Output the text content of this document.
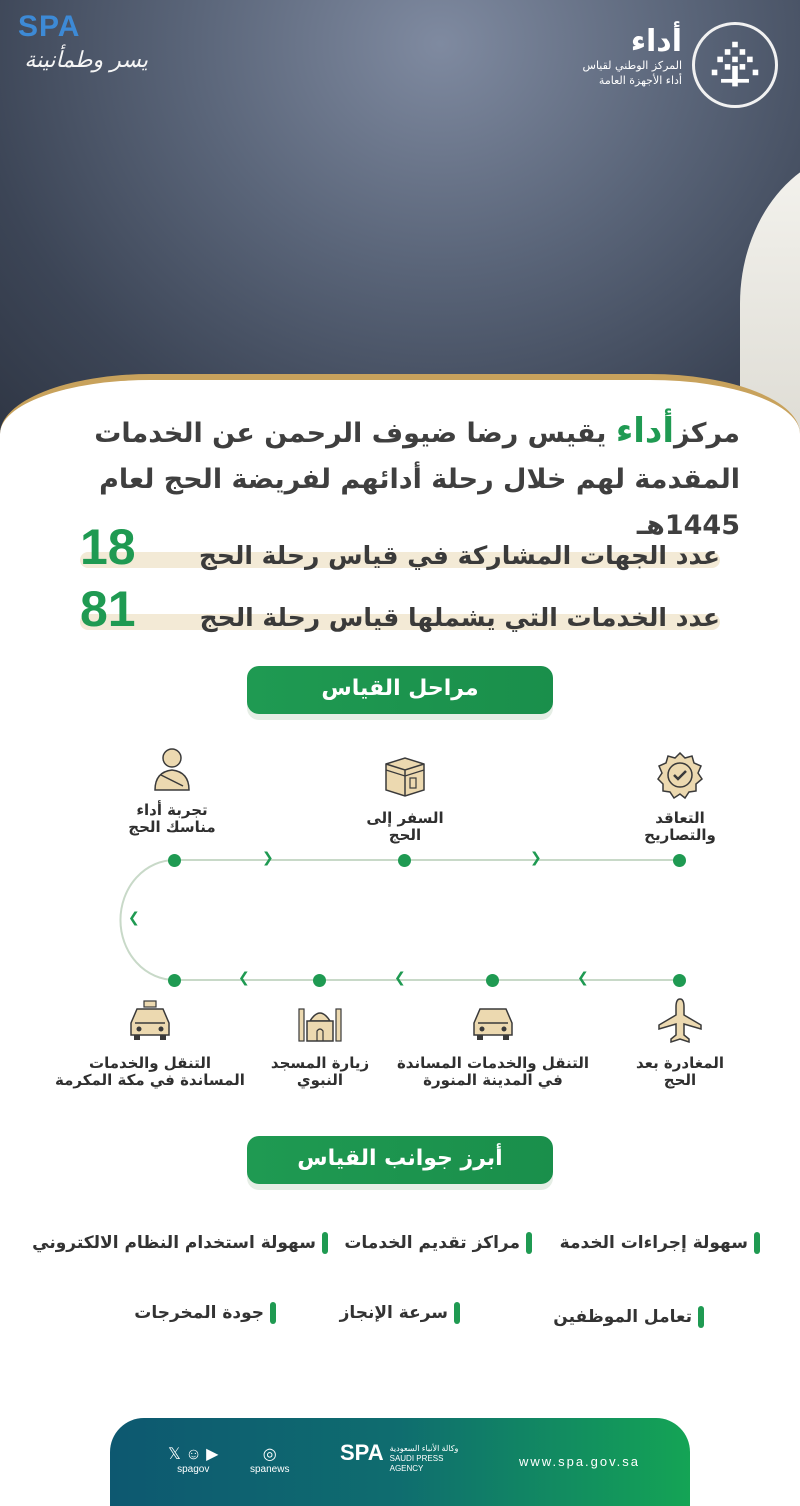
SPA
يسر وطمأنينة
أداء
المركز الوطني لقياس
أداء الأجهزة العامة
مركزأداء يقيس رضا ضيوف الرحمن عن الخدمات
المقدمة لهم خلال رحلة أدائهم لفريضة الحج لعام 1445هـ
عدد الجهات المشاركة في قياس رحلة الحج
18
عدد الخدمات التي يشملها قياس رحلة الحج
81
مراحل القياس
التعاقد
والتصاريح
السفر إلى
الحج
تجربة أداء
مناسك الحج
❮
❮
❯
❯	❯	❯
المغادرة بعد
الحج
التنقل والخدمات المساندة
في المدينة المنورة
زيارة المسجد
النبوي
التنقل والخدمات
المساندة في مكة المكرمة
أبرز جوانب القياس
سهولة إجراءات الخدمة
مراكز تقديم الخدمات
سهولة استخدام النظام الالكتروني
تعامل الموظفين
سرعة الإنجاز
جودة المخرجات
www.spa.gov.sa
SPA وكالة الأنباء السعودية
SAUDI PRESS
AGENCY
◎
spanews
𝕏 ☺ ▶
spagov
